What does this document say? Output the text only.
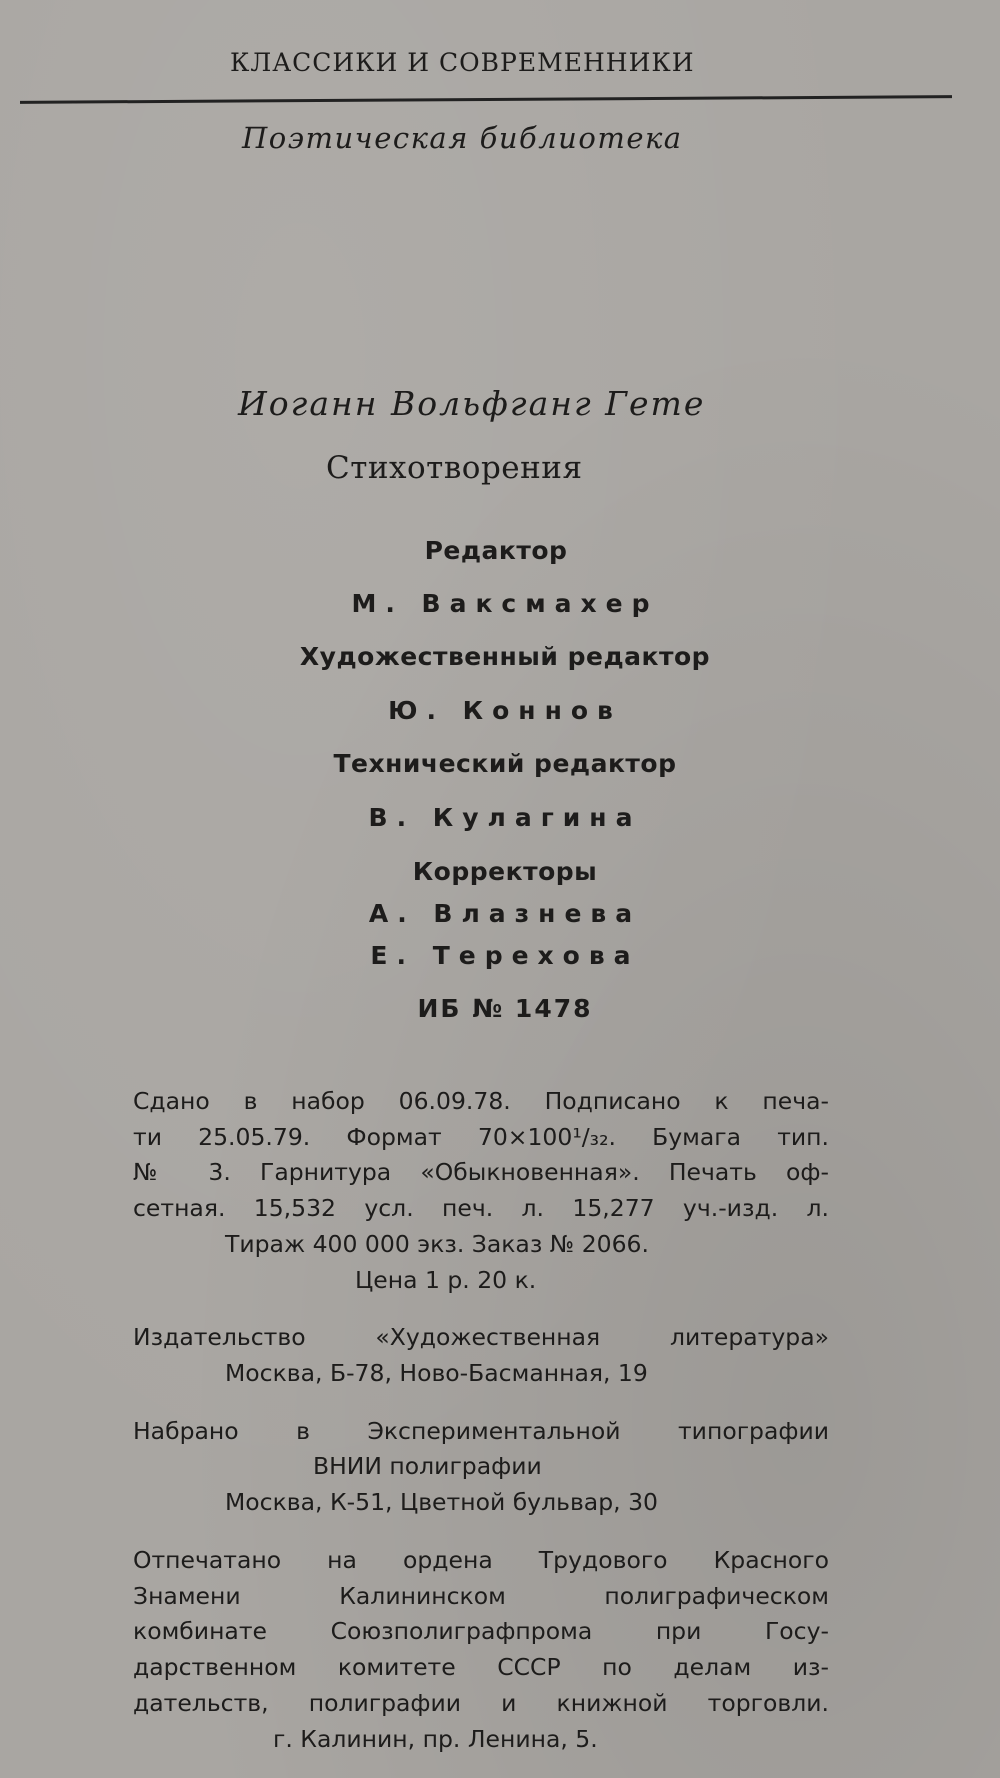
КЛАССИКИ И СОВРЕМЕННИКИ
Поэтическая библиотека
Иоганн Вольфганг Гете
Стихотворения
Редактор
М. Ваксмахер
Художественный редактор
Ю. Коннов
Технический редактор
В. Кулагина
Корректоры
А. Влазнева
Е. Терехова
ИБ № 1478
Сдано в набор 06.09.78. Подписано к печа-
ти 25.05.79. Формат 70×100¹/₃₂. Бумага тип.
№ 3. Гарнитура «Обыкновенная». Печать оф-
сетная. 15,532 усл. печ. л. 15,277 уч.-изд. л.
Тираж 400 000 экз. Заказ № 2066.
Цена 1 р. 20 к.
Издательство «Художественная литература»
Москва, Б-78, Ново-Басманная, 19
Набрано в Экспериментальной типографии
ВНИИ полиграфии
Москва, К-51, Цветной бульвар, 30
Отпечатано на ордена Трудового Красного
Знамени Калининском полиграфическом
комбинате Союзполиграфпрома при Госу-
дарственном комитете СССР по делам из-
дательств, полиграфии и книжной торговли.
г. Калинин, пр. Ленина, 5.
